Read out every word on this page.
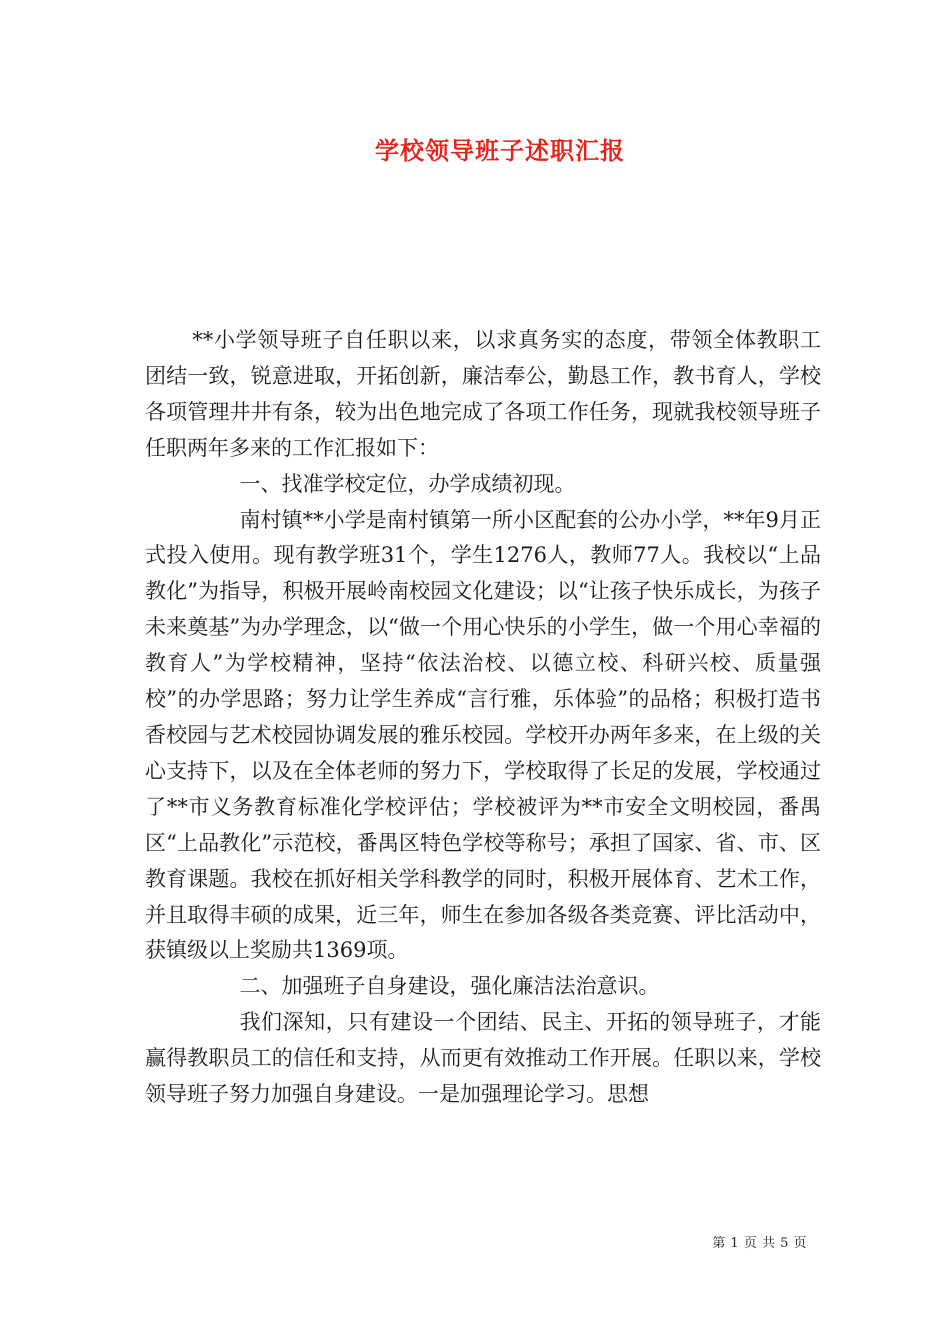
学校领导班子述职汇报

**小学领导班子自任职以来，以求真务实的态度，带领全体教职工团结一致，锐意进取，开拓创新，廉洁奉公，勤恳工作，教书育人，学校各项管理井井有条，较为出色地完成了各项工作任务，现就我校领导班子任职两年多来的工作汇报如下：

一、找准学校定位，办学成绩初现。

南村镇**小学是南村镇第一所小区配套的公办小学，**年9月正式投入使用。现有教学班31个，学生1276人，教师77人。我校以“上品教化”为指导，积极开展岭南校园文化建设；以“让孩子快乐成长，为孩子未来奠基”为办学理念，以“做一个用心快乐的小学生，做一个用心幸福的教育人”为学校精神，坚持“依法治校、以德立校、科研兴校、质量强校”的办学思路；努力让学生养成“言行雅，乐体验”的品格；积极打造书香校园与艺术校园协调发展的雅乐校园。学校开办两年多来，在上级的关心支持下，以及在全体老师的努力下，学校取得了长足的发展，学校通过了**市义务教育标准化学校评估；学校被评为**市安全文明校园，番禺区“上品教化”示范校，番禺区特色学校等称号；承担了国家、省、市、区教育课题。我校在抓好相关学科教学的同时，积极开展体育、艺术工作，并且取得丰硕的成果，近三年，师生在参加各级各类竞赛、评比活动中，获镇级以上奖励共1369项。

二、加强班子自身建设，强化廉洁法治意识。

我们深知，只有建设一个团结、民主、开拓的领导班子，才能赢得教职员工的信任和支持，从而更有效推动工作开展。任职以来，学校领导班子努力加强自身建设。一是加强理论学习。思想

第 1 页 共 5 页
